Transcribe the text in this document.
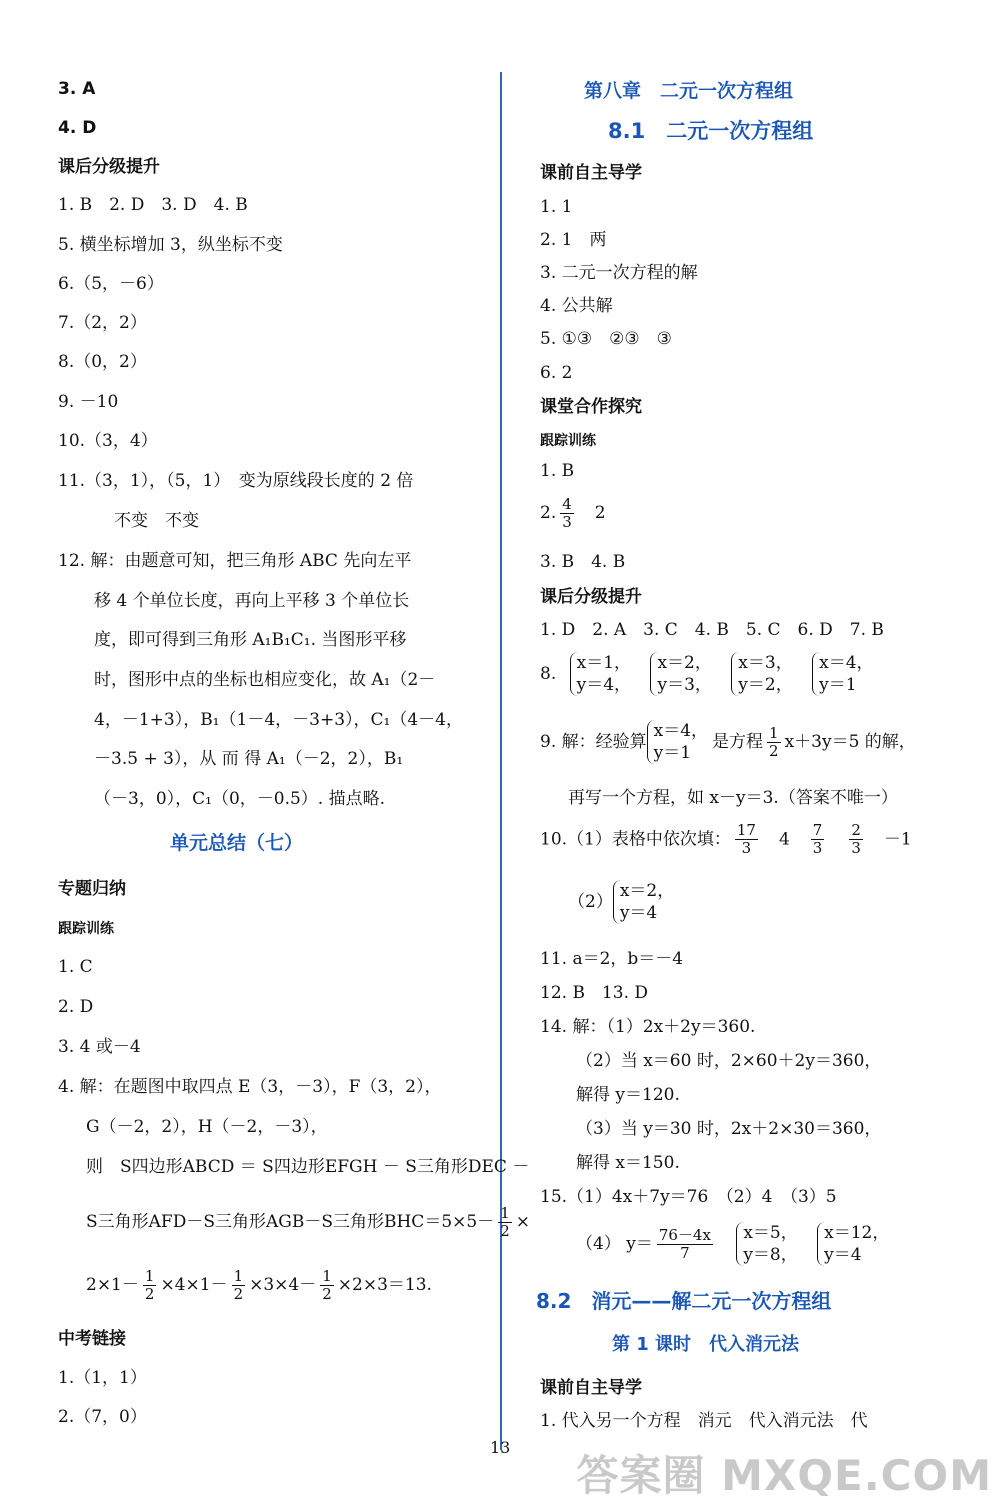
3. A
4. D
课后分级提升
1. B　2. D　3. D　4. B
5. 横坐标增加 3，纵坐标不变
6.（5，－6）
7.（2，2）
8.（0，2）
9. －10
10.（3，4）
11.（3，1），（5，1）　变为原线段长度的 2 倍
不变　不变
12. 解：由题意可知，把三角形 ABC 先向左平
移 4 个单位长度，再向上平移 3 个单位长
度，即可得到三角形 A₁B₁C₁. 当图形平移
时，图形中点的坐标也相应变化，故 A₁（2－
4，－1+3），B₁（1－4，－3+3），C₁（4－4，
－3.5 + 3），从 而 得 A₁（－2，2），B₁
（－3，0），C₁（0，－0.5）. 描点略.
单元总结（七）
专题归纳
跟踪训练
1. C
2. D
3. 4 或－4
4. 解：在题图中取四点 E（3，－3），F（3，2），
G（－2，2），H（－2，－3），
则　S四边形ABCD ＝ S四边形EFGH － S三角形DEC －
S三角形AFD－S三角形AGB－S三角形$BHC=5\times 5- \frac{1}{2}$ ×
$2\times 1- \frac{1}{2} \times 4\times 1- \frac{1}{2} \times 3\times 4- \frac{1}{2} \times 2\times 3=13$.
中考链接
1.（1，1）
2.（7，0）
第八章　二元一次方程组
8.1　二元一次方程组
课前自主导学
1. 1
2. 1　两
3. 二元一次方程的解
4. 公共解
5. ①③　②③　③
6. 2
课堂合作探究
跟踪训练
1. B
2. $\frac{4}{3}$
　 2
3. B　4. B
课后分级提升
1. D　2. A　3. C　4. B　5. C　6. D　7. B
8. x＝1，
y＝4， x＝2，
y＝3， x＝3，
y＝2， x＝4，
y＝1
9. 解：经验算x＝4，
y＝1是方程 $\frac{1}{2} x+3y=5$ 的解，
再写一个方程，如 x－y＝3.（答案不唯一）
10.（1）表格中依次填： $\frac{17}{3}$
　 4　 $\frac{7}{3}$
　 $\frac{2}{3}$
　 －1
（2）x＝2，
y＝4
11. a＝2，b＝－4
12. B　13. D
14. 解：（1）2x＋2y＝360.
（2）当 x＝60 时，2×60＋2y＝360，
解得 y＝120.
（3）当 y＝30 时，2x＋2×30＝360，
解得 x＝150.
15.（1）4x＋7y＝76　（2）4　（3）5
（4） $y= \frac{76-4x}{7} x=5$，
y＝8， x＝12，
y＝4
8.2　消元——解二元一次方程组
第 1 课时　代入消元法
课前自主导学
1. 代入另一个方程　消元　代入消元法　代
13
答案圈 MXQE.COM
